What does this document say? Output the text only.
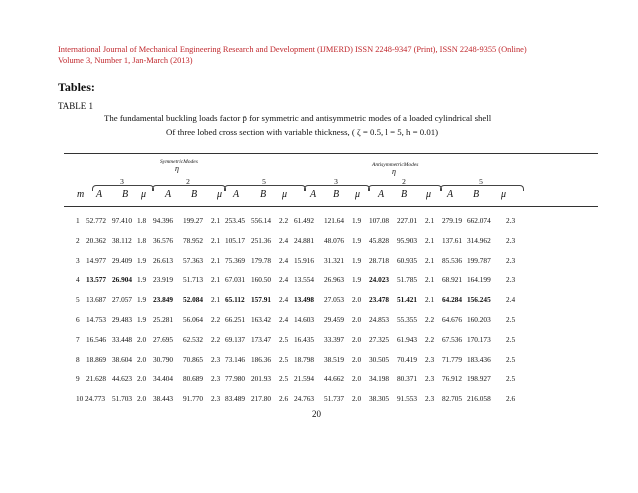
International Journal of Mechanical Engineering Research and Development (IJMERD) ISSN 2248-9347 (Print), ISSN 2248-9355 (Online)
Volume 3, Number 1, Jan-March (2013)
Tables:
TABLE 1
The fundamental buckling loads factor p̄ for symmetric and antisymmetric modes of a loaded cylindrical shell
Of three lobed cross section with variable thickness, ( ζ = 0.5, l = 5, h = 0.01)
SymmetricModes
η	AntisymmetricModes
η
3	2	5	3	2	5
m A B μ A B μ A B μ A B μ A B μ A B μ
1 52.772 97.410 1.8 94.396 199.27 2.1 253.45 556.14 2.2 61.492 121.64 1.9 107.08 227.01 2.1 279.19 662.074 2.3
2 20.362 38.112 1.8 36.576 78.952 2.1 105.17 251.36 2.4 24.881 48.076 1.9 45.828 95.903 2.1 137.61 314.962 2.3
3 14.977 29.409 1.9 26.613 57.363 2.1 75.369 179.78 2.4 15.916 31.321 1.9 28.718 60.935 2.1 85.536 199.787 2.3
4 13.577 26.904 1.9 23.919 51.713 2.1 67.031 160.50 2.4 13.554 26.963 1.9 24.023 51.785 2.1 68.921 164.199 2.3
5 13.687 27.057 1.9 23.849 52.084 2.1 65.112 157.91 2.4 13.498 27.053 2.0 23.478 51.421 2.1 64.284 156.245 2.4
6 14.753 29.483 1.9 25.281 56.064 2.2 66.251 163.42 2.4 14.603 29.459 2.0 24.853 55.355 2.2 64.676 160.203 2.5
7 16.546 33.448 2.0 27.695 62.532 2.2 69.137 173.47 2.5 16.435 33.397 2.0 27.325 61.943 2.2 67.536 170.173 2.5
8 18.869 38.604 2.0 30.790 70.865 2.3 73.146 186.36 2.5 18.798 38.519 2.0 30.505 70.419 2.3 71.779 183.436 2.5
9 21.628 44.623 2.0 34.404 80.689 2.3 77.980 201.93 2.5 21.594 44.662 2.0 34.198 80.371 2.3 76.912 198.927 2.5
10 24.773 51.703 2.0 38.443 91.770 2.3 83.489 217.80 2.6 24.763 51.737 2.0 38.305 91.553 2.3 82.705 216.058 2.6
20
